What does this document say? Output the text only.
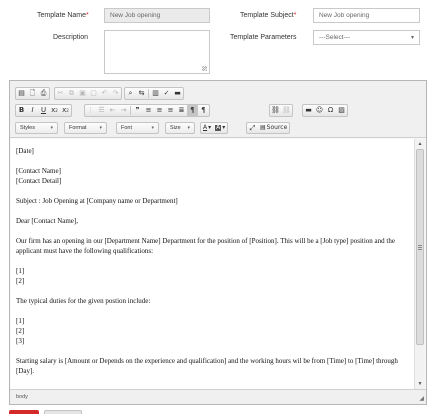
Template Name*	New Job opening	Template Subject*	New Job opening
Description	Template Parameters	---Select---	▾
▤ 🗋 ⎙	✂ ⧉ ▣ ▢ ↶ ↷	⌕ ⇆	▥ ✓ ▬
B	I	U x 2 x 2	⋮ ☰ ⇤ ⇥	❞ ≡ ≡ ≡ ≣ ¶ ¶	⛓ ⛓	▬ ☺ Ω ▨
Styles	▾	Format	▾	Font	▾	Size ▾ A ▾ A ▾	⤢ ▤ Source

[Date]

[Contact Name]
[Contact Detail]

Subject : Job Opening at [Company name or Department]

Dear [Contact Name],

Our firm has an opening in our [Department Name] Department for the position of [Position]. This will be a [Job type] position and the applicant must have the following qualifications:

[1]
[2]

The typical duties for the given postion include:

[1]
[2]
[3]

Starting salary is [Amount or Depends on the experience and qualification] and the working hours wil be from [Time] to [Time] through [Day].

▲
▼
body	◢
